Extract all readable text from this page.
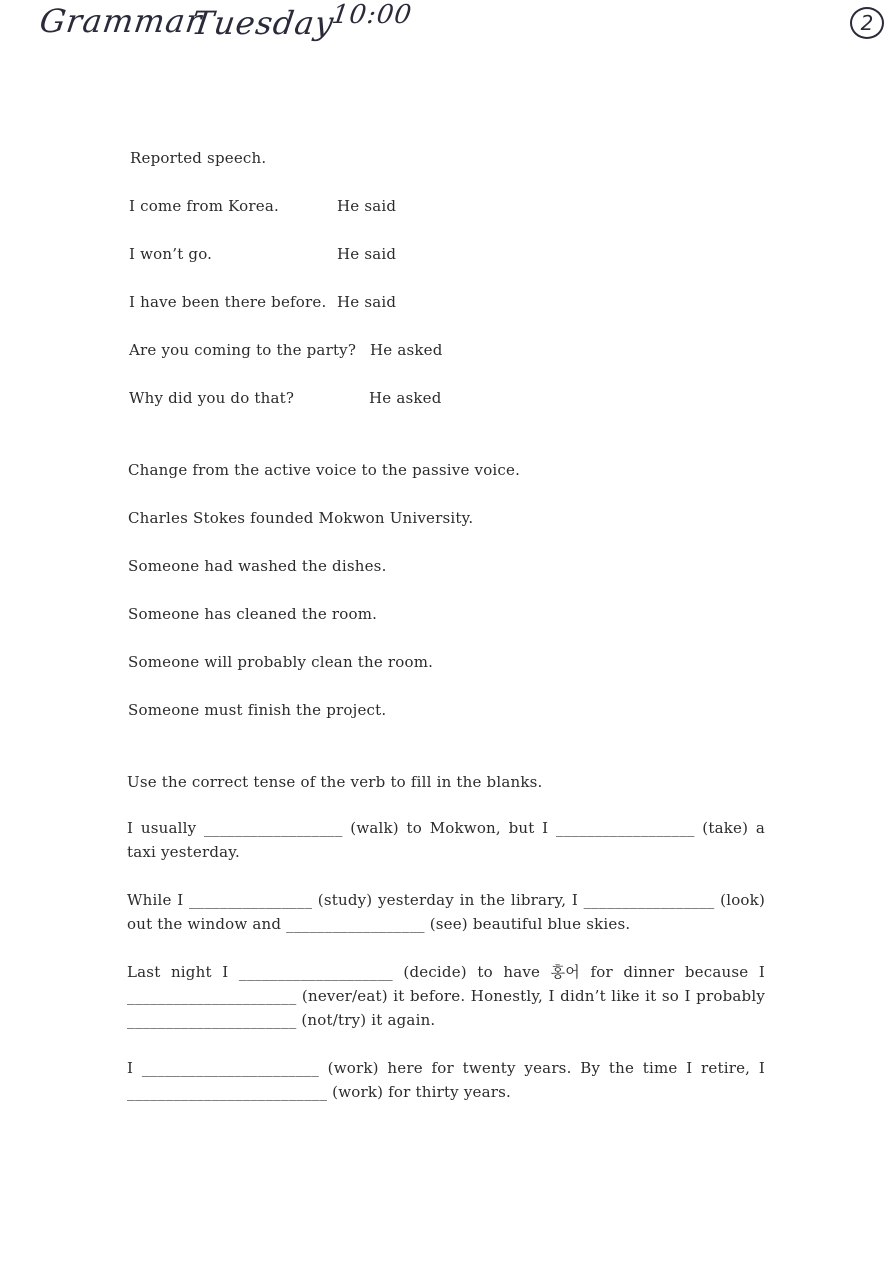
Grammar
Tuesday
10:00	2
Reported speech.
I come from Korea.	He said
I won’t go.	He said
I have been there before. He said
Are you coming to the party? He asked
Why did you do that?	He asked
Change from the active voice to the passive voice.
Charles Stokes founded Mokwon University.
Someone had washed the dishes.
Someone has cleaned the room.
Someone will probably clean the room.
Someone must finish the project.
Use the correct tense of the verb to fill in the blanks.
I usually __________________ (walk) to Mokwon, but I __________________ (take) a taxi yesterday.
While I ________________ (study) yesterday in the library, I _________________ (look) out the window and __________________ (see) beautiful blue skies.
Last night I ____________________ (decide) to have 홍어 for dinner because I ______________________ (never/eat) it before. Honestly, I didn’t like it so I probably ______________________ (not/try) it again.
I _______________________ (work) here for twenty years. By the time I retire, I __________________________ (work) for thirty years.
